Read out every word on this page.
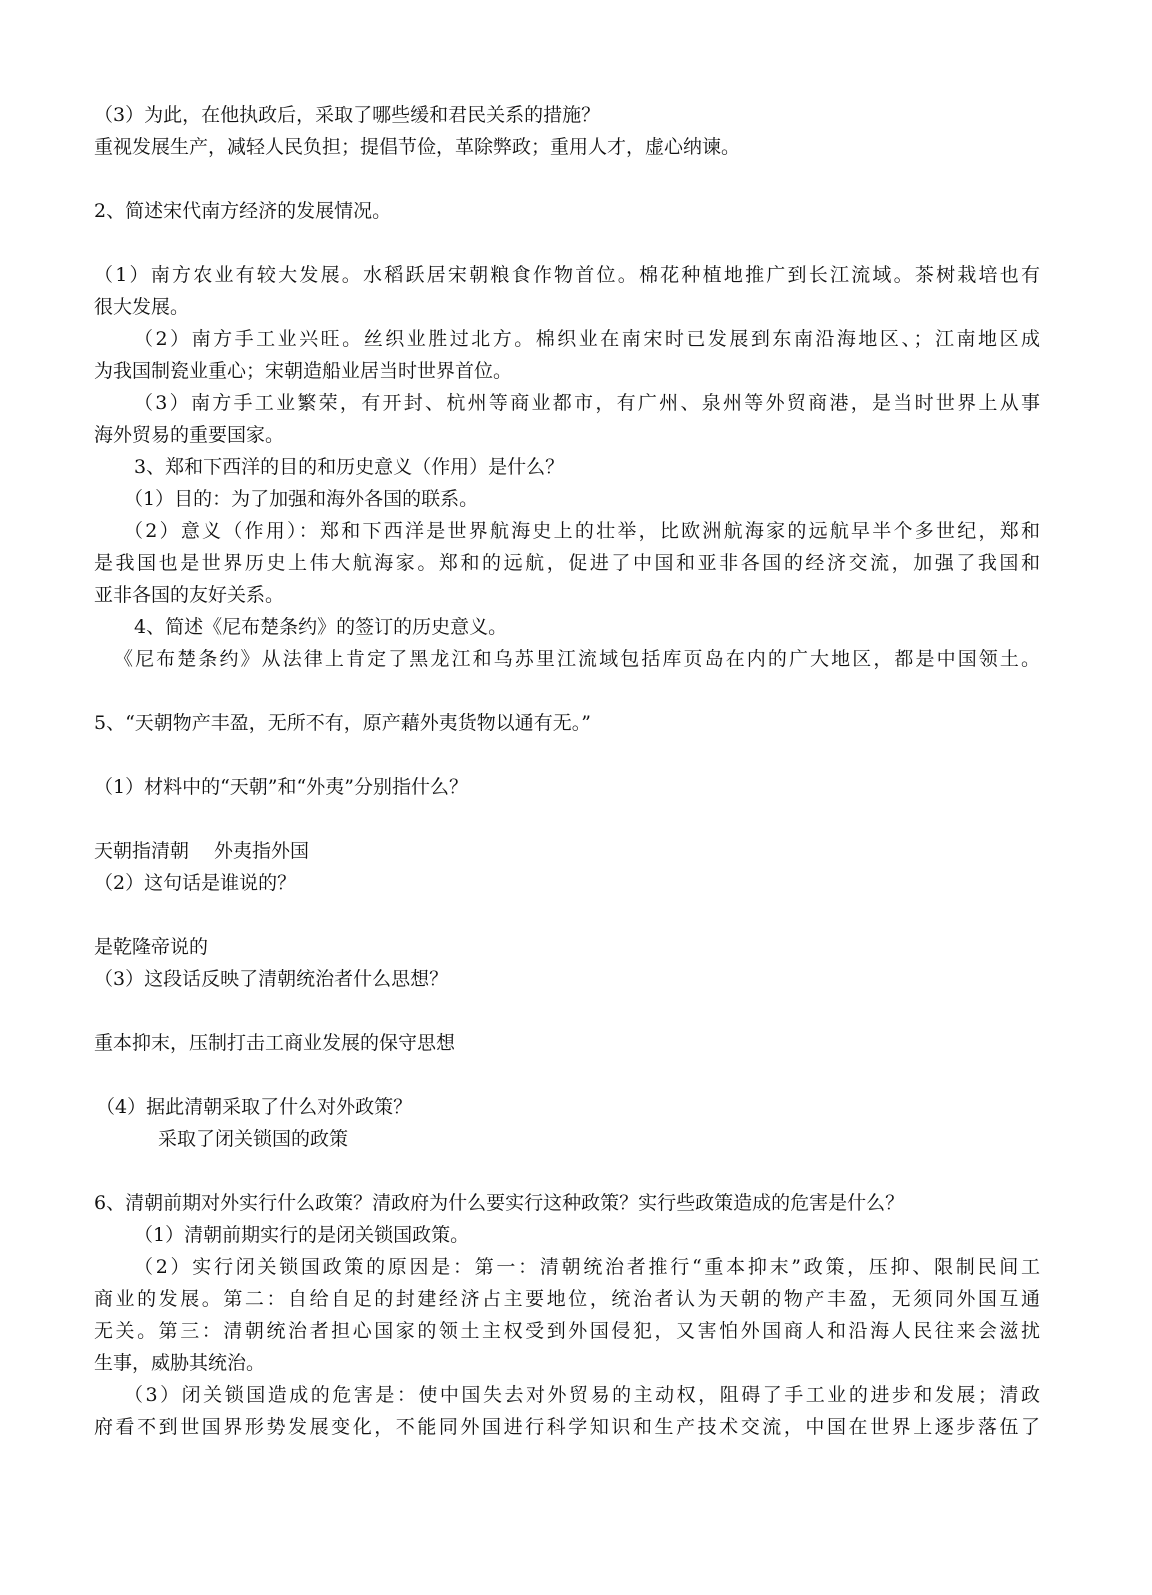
（3）为此，在他执政后，采取了哪些缓和君民关系的措施？
重视发展生产，减轻人民负担；提倡节俭，革除弊政；重用人才，虚心纳谏。
2、简述宋代南方经济的发展情况。
（1）南方农业有较大发展。水稻跃居宋朝粮食作物首位。棉花种植地推广到长江流域。茶树栽培也有
很大发展。
（2）南方手工业兴旺。丝织业胜过北方。棉织业在南宋时已发展到东南沿海地区、；江南地区成
为我国制瓷业重心；宋朝造船业居当时世界首位。
（3）南方手工业繁荣，有开封、杭州等商业都市，有广州、泉州等外贸商港，是当时世界上从事
海外贸易的重要国家。
3、郑和下西洋的目的和历史意义（作用）是什么？
（1）目的：为了加强和海外各国的联系。
（2）意义（作用）：郑和下西洋是世界航海史上的壮举，比欧洲航海家的远航早半个多世纪，郑和
是我国也是世界历史上伟大航海家。郑和的远航，促进了中国和亚非各国的经济交流，加强了我国和
亚非各国的友好关系。
4、简述《尼布楚条约》的签订的历史意义。
《尼布楚条约》从法律上肯定了黑龙江和乌苏里江流域包括库页岛在内的广大地区，都是中国领土。
5、“天朝物产丰盈，无所不有，原产藉外夷货物以通有无。”
（1）材料中的“天朝”和“外夷”分别指什么？
天朝指清朝　 外夷指外国
（2）这句话是谁说的？
是乾隆帝说的
（3）这段话反映了清朝统治者什么思想？
重本抑末，压制打击工商业发展的保守思想
（4）据此清朝采取了什么对外政策？
采取了闭关锁国的政策
6、清朝前期对外实行什么政策？清政府为什么要实行这种政策？实行些政策造成的危害是什么？
（1）清朝前期实行的是闭关锁国政策。
（2）实行闭关锁国政策的原因是：第一：清朝统治者推行“重本抑末”政策，压抑、限制民间工
商业的发展。第二：自给自足的封建经济占主要地位，统治者认为天朝的物产丰盈，无须同外国互通
无关。第三：清朝统治者担心国家的领土主权受到外国侵犯，又害怕外国商人和沿海人民往来会滋扰
生事，威胁其统治。
（3）闭关锁国造成的危害是：使中国失去对外贸易的主动权，阻碍了手工业的进步和发展；清政
府看不到世国界形势发展变化，不能同外国进行科学知识和生产技术交流，中国在世界上逐步落伍了
